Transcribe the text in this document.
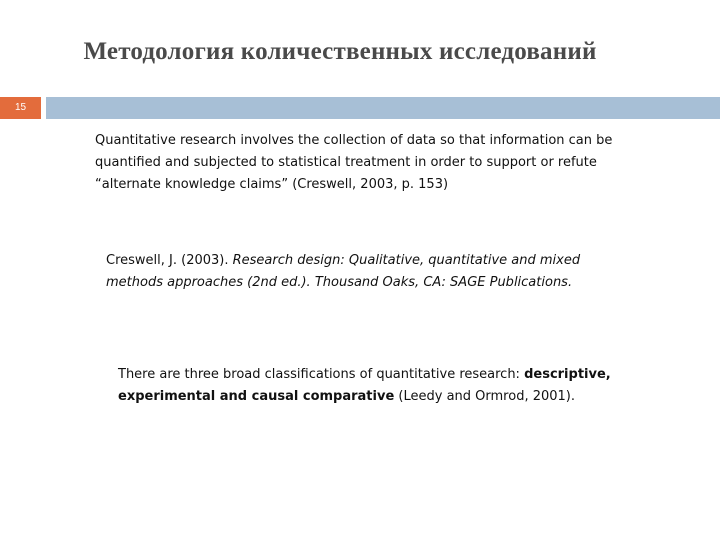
Методология количественных исследований
15

Quantitative research involves the collection of data so that information can be quantified and subjected to statistical treatment in order to support or refute “alternate knowledge claims” (Creswell, 2003, p. 153)

Creswell, J. (2003). Research design: Qualitative, quantitative and mixed methods approaches (2nd ed.). Thousand Oaks, CA: SAGE Publications.

There are three broad classifications of quantitative research: descriptive, experimental and causal comparative (Leedy and Ormrod, 2001).
